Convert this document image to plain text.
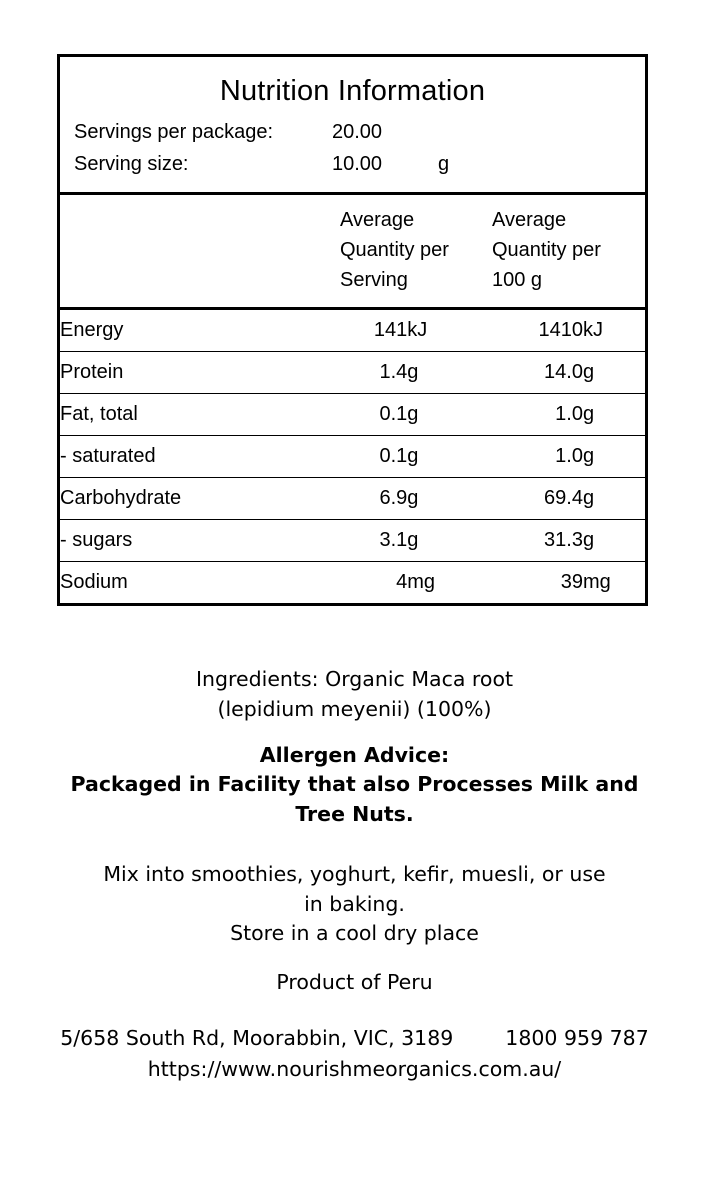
Nutrition Information
Servings per package:	20.00
Serving size:	10.00	g
Average
Quantity per
Serving
Average
Quantity per
100 g
Energy	141	kJ	1410	kJ
Protein	1.4	g	14.0	g
Fat, total	0.1	g	1.0	g
- saturated	0.1	g	1.0	g
Carbohydrate	6.9	g	69.4	g
- sugars	3.1	g	31.3	g
Sodium	4	mg	39	mg
Ingredients: Organic Maca root
(lepidium meyenii) (100%)
Allergen Advice:
Packaged in Facility that also Processes Milk and
Tree Nuts.
Mix into smoothies, yoghurt, kefir, muesli, or use
in baking.
Store in a cool dry place
Product of Peru
5/658 South Rd, Moorabbin, VIC, 3189	1800 959 787
https://www.nourishmeorganics.com.au/
